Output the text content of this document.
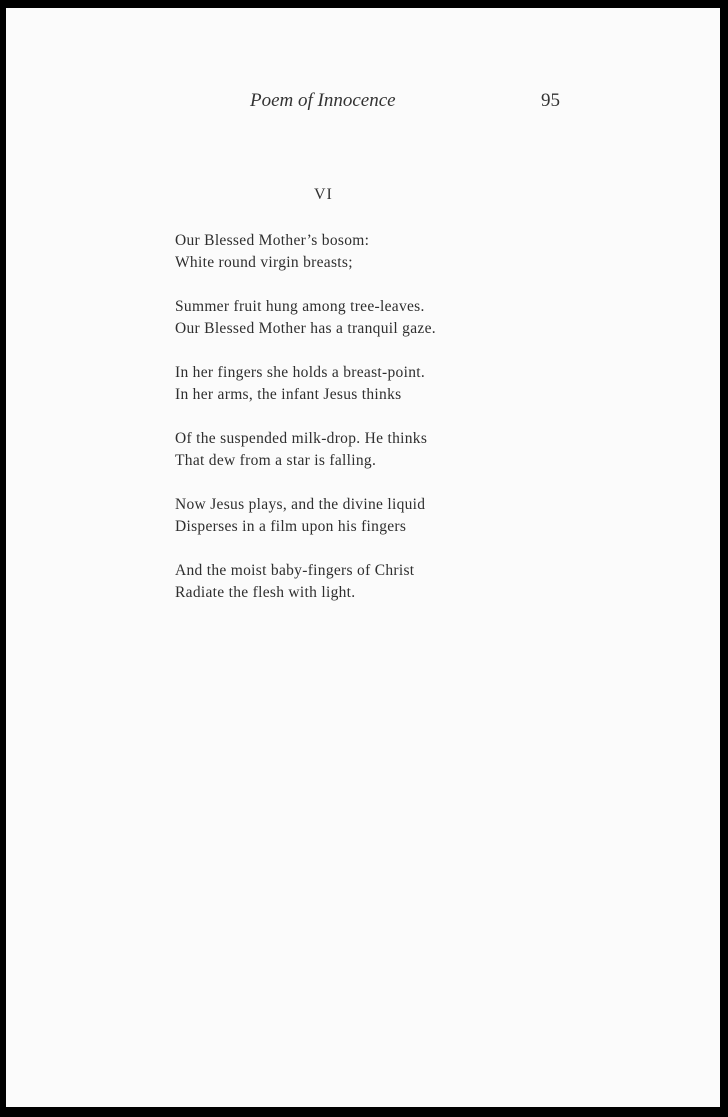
Poem of Innocence	95
VI
Our Blessed Mother’s bosom:
White round virgin breasts;
Summer fruit hung among tree-leaves.
Our Blessed Mother has a tranquil gaze.
In her fingers she holds a breast-point.
In her arms, the infant Jesus thinks
Of the suspended milk-drop. He thinks
That dew from a star is falling.
Now Jesus plays, and the divine liquid
Disperses in a film upon his fingers
And the moist baby-fingers of Christ
Radiate the flesh with light.
